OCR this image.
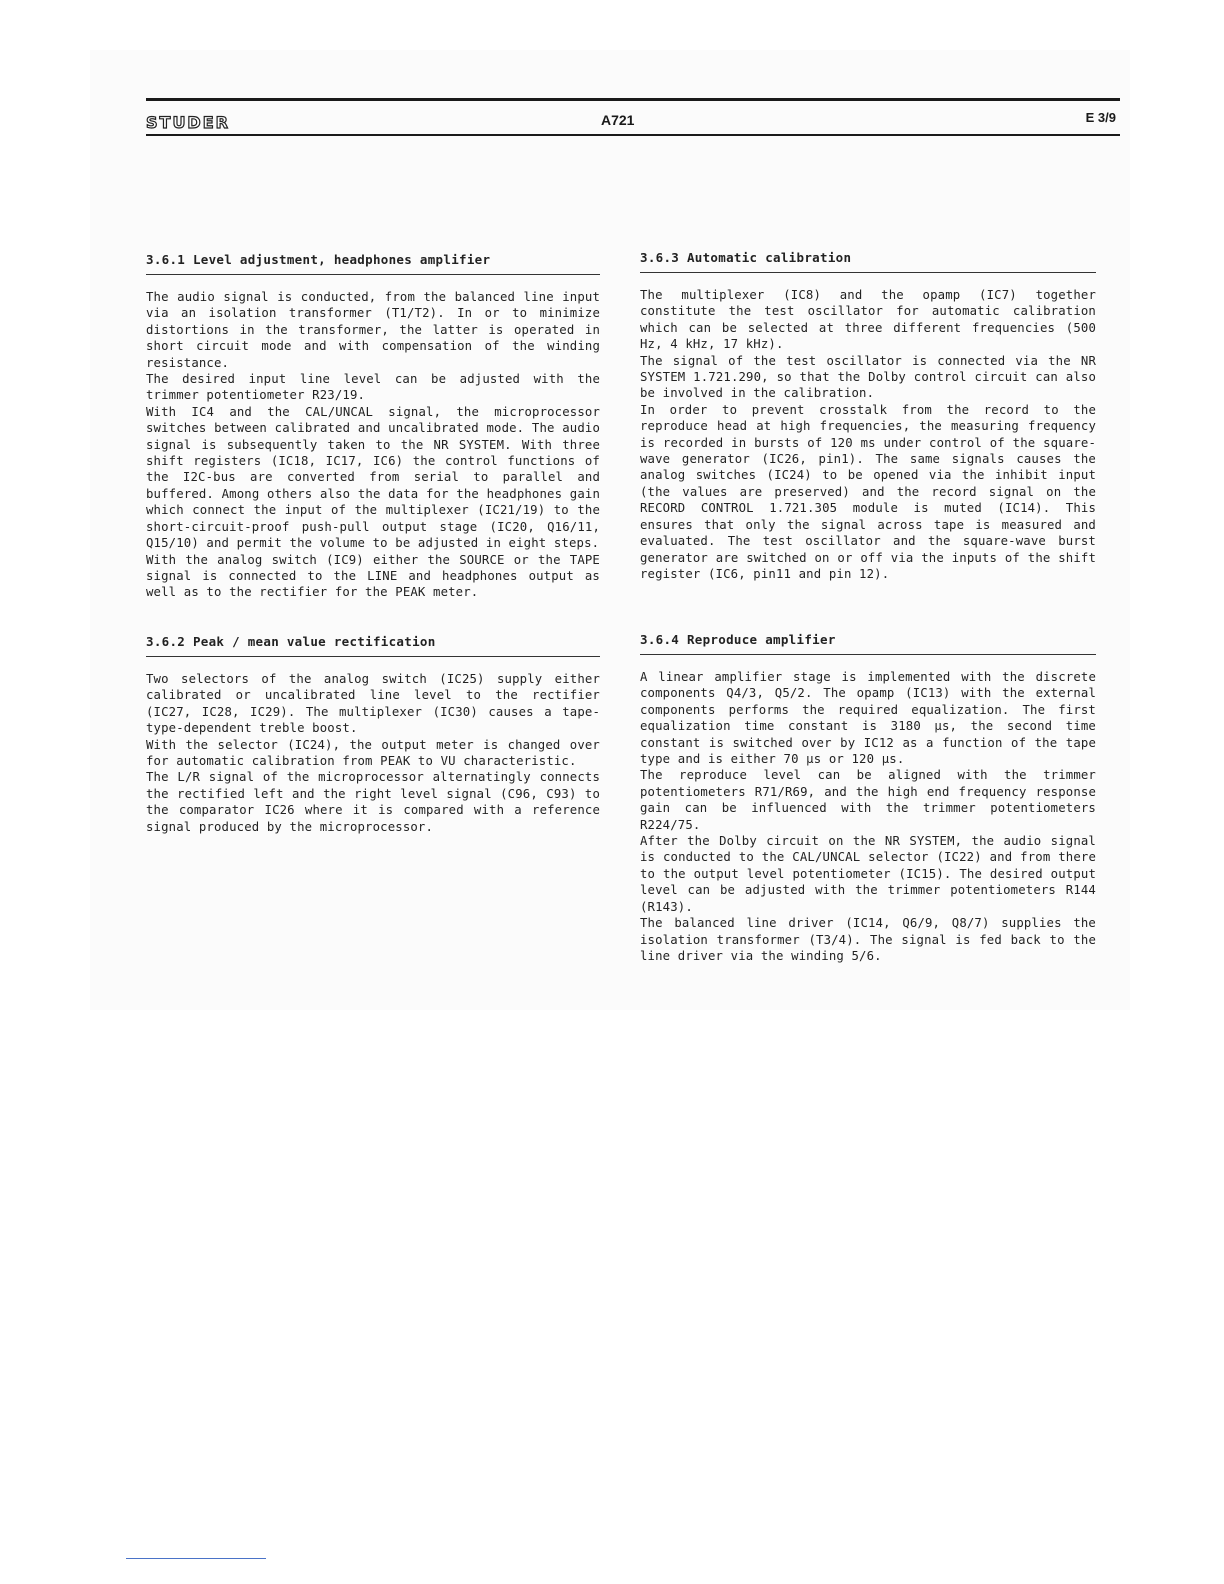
STUDER	A721	E 3/9
3.6.1 Level adjustment, headphones amplifier

The audio signal is conducted, from the balanced line input via an isolation transformer (T1/T2). In or to minimize distortions in the transformer, the latter is operated in short circuit mode and with compensation of the winding resistance.

The desired input line level can be adjusted with the trimmer potentiometer R23/19.

With IC4 and the CAL/UNCAL signal, the microprocessor switches between calibrated and uncalibrated mode. The audio signal is subsequently taken to the NR SYSTEM. With three shift registers (IC18, IC17, IC6) the control functions of the I2C-bus are converted from serial to parallel and buffered. Among others also the data for the headphones gain which connect the input of the multiplexer (IC21/19) to the short-circuit-proof push-pull output stage (IC20, Q16/11, Q15/10) and permit the volume to be adjusted in eight steps.

With the analog switch (IC9) either the SOURCE or the TAPE signal is connected to the LINE and headphones output as well as to the rectifier for the PEAK meter.

3.6.2 Peak / mean value rectification

Two selectors of the analog switch (IC25) supply either calibrated or uncalibrated line level to the rectifier (IC27, IC28, IC29). The multiplexer (IC30) causes a tape-type-dependent treble boost.

With the selector (IC24), the output meter is changed over for automatic calibration from PEAK to VU characteristic.

The L/R signal of the microprocessor alternatingly connects the rectified left and the right level signal (C96, C93) to the comparator IC26 where it is compared with a reference signal produced by the microprocessor.

3.6.3 Automatic calibration

The multiplexer (IC8) and the opamp (IC7) together constitute the test oscillator for automatic calibration which can be selected at three different frequencies (500 Hz, 4 kHz, 17 kHz).

The signal of the test oscillator is connected via the NR SYSTEM 1.721.290, so that the Dolby control circuit can also be involved in the calibration.

In order to prevent crosstalk from the record to the reproduce head at high frequencies, the measuring frequency is recorded in bursts of 120 ms under control of the square-wave generator (IC26, pin1). The same signals causes the analog switches (IC24) to be opened via the inhibit input (the values are preserved) and the record signal on the RECORD CONTROL 1.721.305 module is muted (IC14). This ensures that only the signal across tape is measured and evaluated. The test oscillator and the square-wave burst generator are switched on or off via the inputs of the shift register (IC6, pin11 and pin 12).

3.6.4 Reproduce amplifier

A linear amplifier stage is implemented with the discrete components Q4/3, Q5/2. The opamp (IC13) with the external components performs the required equalization. The first equalization time constant is 3180 µs, the second time constant is switched over by IC12 as a function of the tape type and is either 70 µs or 120 µs.

The reproduce level can be aligned with the trimmer potentiometers R71/R69, and the high end frequency response gain can be influenced with the trimmer potentiometers R224/75.

After the Dolby circuit on the NR SYSTEM, the audio signal is conducted to the CAL/UNCAL selector (IC22) and from there to the output level potentiometer (IC15). The desired output level can be adjusted with the trimmer potentiometers R144 (R143).

The balanced line driver (IC14, Q6/9, Q8/7) supplies the isolation transformer (T3/4). The signal is fed back to the line driver via the winding 5/6.
